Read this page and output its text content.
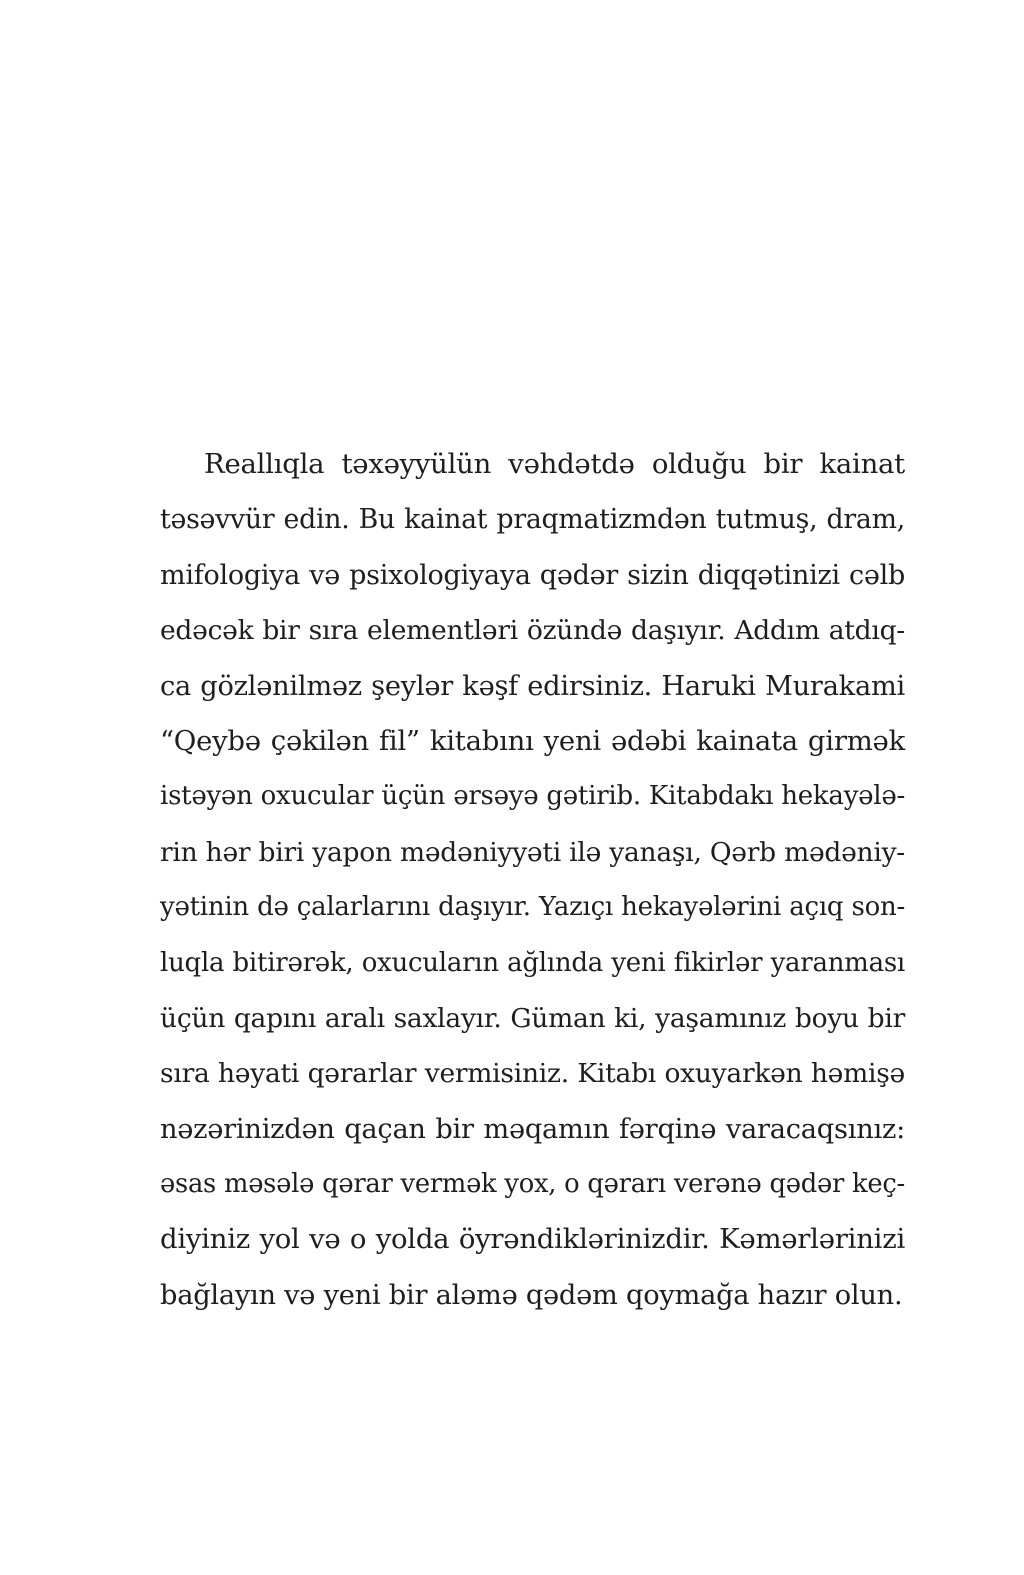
Reallıqla təxəyyülün vəhdətdə olduğu bir kainat
təsəvvür edin. Bu kainat praqmatizmdən tutmuş, dram,
mifologiya və psixologiyaya qədər sizin diqqətinizi cəlb
edəcək bir sıra elementləri özündə daşıyır. Addım atdıq-
ca gözlənilməz şeylər kəşf edirsiniz. Haruki Murakami
“Qeybə çəkilən fil” kitabını yeni ədəbi kainata girmək
istəyən oxucular üçün ərsəyə gətirib. Kitabdakı hekayələ-
rin hər biri yapon mədəniyyəti ilə yanaşı, Qərb mədəniy-
yətinin də çalarlarını daşıyır. Yazıçı hekayələrini açıq son-
luqla bitirərək, oxucuların ağlında yeni fikirlər yaranması
üçün qapını aralı saxlayır. Güman ki, yaşamınız boyu bir
sıra həyati qərarlar vermisiniz. Kitabı oxuyarkən həmişə
nəzərinizdən qaçan bir məqamın fərqinə varacaqsınız:
əsas məsələ qərar vermək yox, o qərarı verənə qədər keç-
diyiniz yol və o yolda öyrəndiklərinizdir. Kəmərlərinizi
bağlayın və yeni bir aləmə qədəm qoymağa hazır olun.
